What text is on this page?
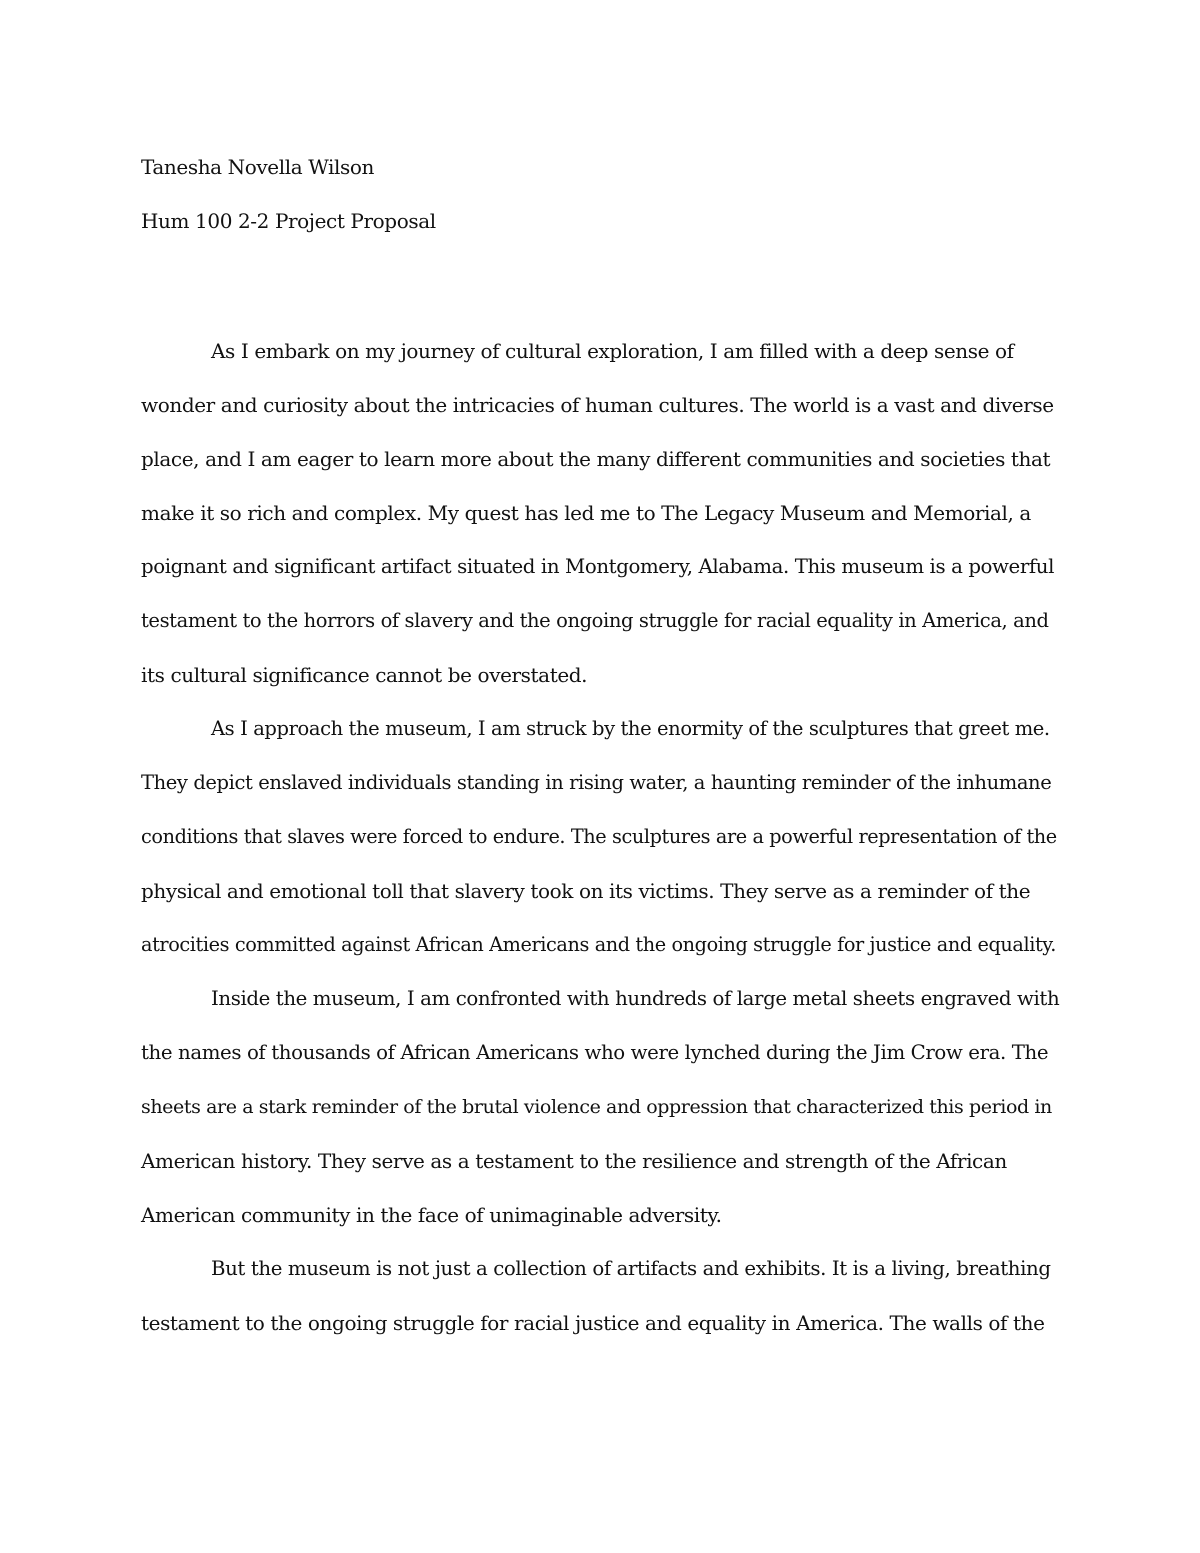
Tanesha Novella Wilson

Hum 100 2-2 Project Proposal

As I embark on my journey of cultural exploration, I am filled with a deep sense of

wonder and curiosity about the intricacies of human cultures. The world is a vast and diverse

place, and I am eager to learn more about the many different communities and societies that

make it so rich and complex. My quest has led me to The Legacy Museum and Memorial, a

poignant and significant artifact situated in Montgomery, Alabama. This museum is a powerful

testament to the horrors of slavery and the ongoing struggle for racial equality in America, and

its cultural significance cannot be overstated.

As I approach the museum, I am struck by the enormity of the sculptures that greet me.

They depict enslaved individuals standing in rising water, a haunting reminder of the inhumane

conditions that slaves were forced to endure. The sculptures are a powerful representation of the

physical and emotional toll that slavery took on its victims. They serve as a reminder of the

atrocities committed against African Americans and the ongoing struggle for justice and equality.

Inside the museum, I am confronted with hundreds of large metal sheets engraved with

the names of thousands of African Americans who were lynched during the Jim Crow era. The

sheets are a stark reminder of the brutal violence and oppression that characterized this period in

American history. They serve as a testament to the resilience and strength of the African

American community in the face of unimaginable adversity.

But the museum is not just a collection of artifacts and exhibits. It is a living, breathing

testament to the ongoing struggle for racial justice and equality in America. The walls of the
